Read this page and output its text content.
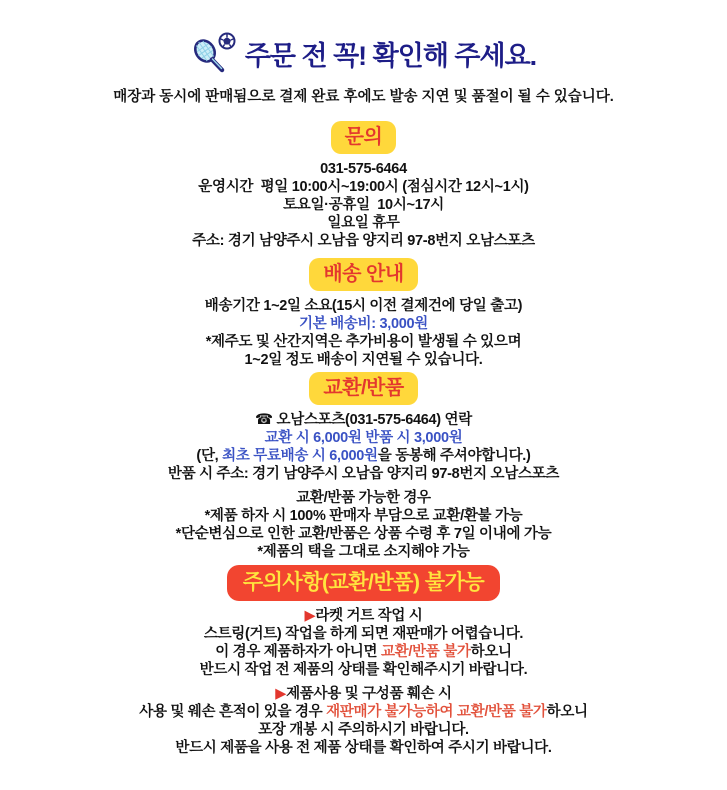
주문 전 꼭! 확인해 주세요.

매장과 동시에 판매됨으로 결제 완료 후에도 발송 지연 및 품절이 될 수 있습니다.

문의

031-575-6464

운영시간  평일 10:00시~19:00시 (점심시간 12시~1시)

토요일·공휴일  10시~17시

일요일 휴무

주소: 경기 남양주시 오남읍 양지리 97-8번지 오남스포츠

배송 안내

배송기간 1~2일 소요(15시 이전 결제건에 당일 출고)

기본 배송비: 3,000원

*제주도 및 산간지역은 추가비용이 발생될 수 있으며

1~2일 정도 배송이 지연될 수 있습니다.

교환/반품

☎ 오남스포츠(031-575-6464) 연락

교환 시 6,000원 반품 시 3,000원

(단, 최초 무료배송 시 6,000원을 동봉해 주셔야합니다.)

반품 시 주소: 경기 남양주시 오남읍 양지리 97-8번지 오남스포츠

교환/반품 가능한 경우

*제품 하자 시 100% 판매자 부담으로 교환/환불 가능

*단순변심으로 인한 교환/반품은 상품 수령 후 7일 이내에 가능

*제품의 택을 그대로 소지해야 가능

주의사항(교환/반품) 불가능

▶라켓 거트 작업 시

스트링(거트) 작업을 하게 되면 재판매가 어렵습니다.

이 경우 제품하자가 아니면 교환/반품 불가하오니

반드시 작업 전 제품의 상태를 확인해주시기 바랍니다.

▶제품사용 및 구성품 훼손 시

사용 및 웨손 흔적이 있을 경우 재판매가 불가능하여 교환/반품 불가하오니

포장 개봉 시 주의하시기 바랍니다.

반드시 제품을 사용 전 제품 상태를 확인하여 주시기 바랍니다.
